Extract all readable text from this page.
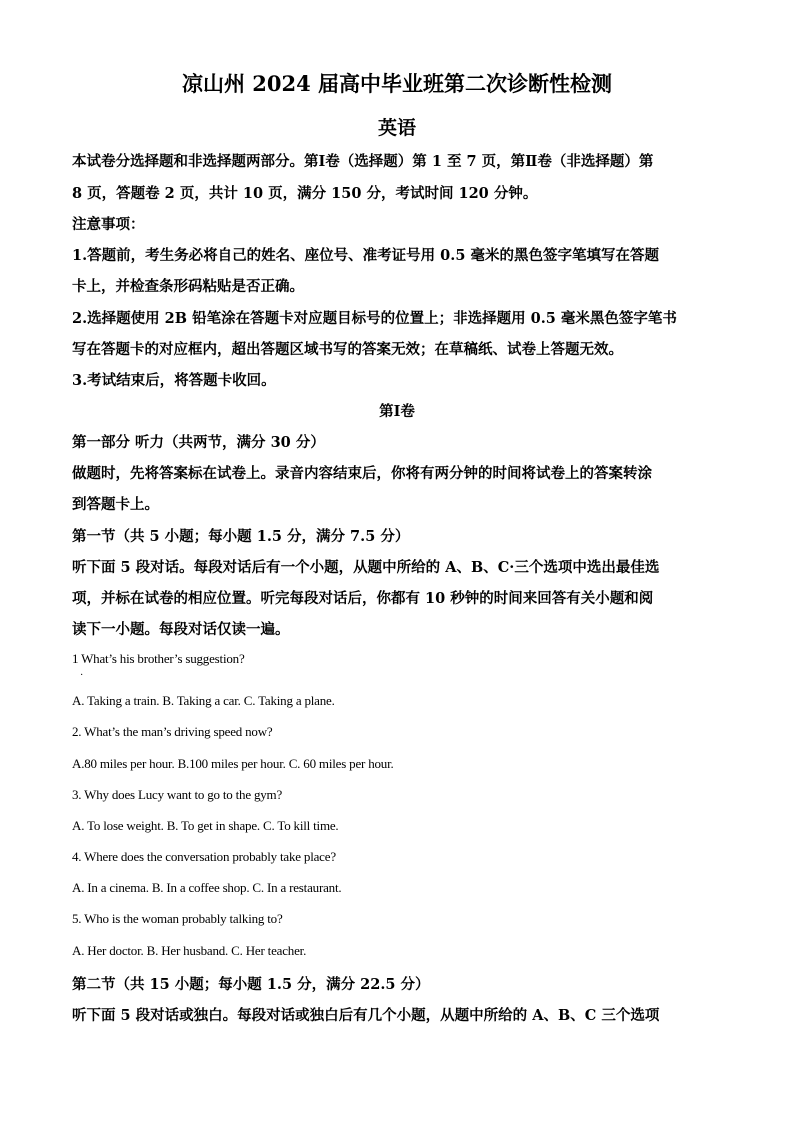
凉山州 2024 届高中毕业班第二次诊断性检测
英语
本试卷分选择题和非选择题两部分。第Ⅰ卷（选择题）第 1 至 7 页，第Ⅱ卷（非选择题）第
8 页，答题卷 2 页，共计 10 页，满分 150 分，考试时间 120 分钟。
注意事项：
1.答题前，考生务必将自己的姓名、座位号、准考证号用 0.5 毫米的黑色签字笔填写在答题
卡上，并检查条形码粘贴是否正确。
2.选择题使用 2B 铅笔涂在答题卡对应题目标号的位置上；非选择题用 0.5 毫米黑色签字笔书
写在答题卡的对应框内，超出答题区域书写的答案无效；在草稿纸、试卷上答题无效。
3.考试结束后，将答题卡收回。
第Ⅰ卷
第一部分 听力（共两节，满分 30 分）
做题时，先将答案标在试卷上。录音内容结束后，你将有两分钟的时间将试卷上的答案转涂
到答题卡上。
第一节（共 5 小题；每小题 1.5 分，满分 7.5 分）
听下面 5 段对话。每段对话后有一个小题，从题中所给的 A、B、C·三个选项中选出最佳选
项，并标在试卷的相应位置。听完每段对话后，你都有 10 秒钟的时间来回答有关小题和阅
读下一小题。每段对话仅读一遍。
1 What’s his brother’s suggestion?
·
A. Taking a train. B. Taking a car. C. Taking a plane.
2. What’s the man’s driving speed now?
A.80 miles per hour. B.100 miles per hour. C. 60 miles per hour.
3. Why does Lucy want to go to the gym?
A. To lose weight. B. To get in shape. C. To kill time.
4. Where does the conversation probably take place?
A. In a cinema. B. In a coffee shop. C. In a restaurant.
5. Who is the woman probably talking to?
A. Her doctor. B. Her husband. C. Her teacher.
第二节（共 15 小题；每小题 1.5 分，满分 22.5 分）
听下面 5 段对话或独白。每段对话或独白后有几个小题，从题中所给的 A、B、C 三个选项
